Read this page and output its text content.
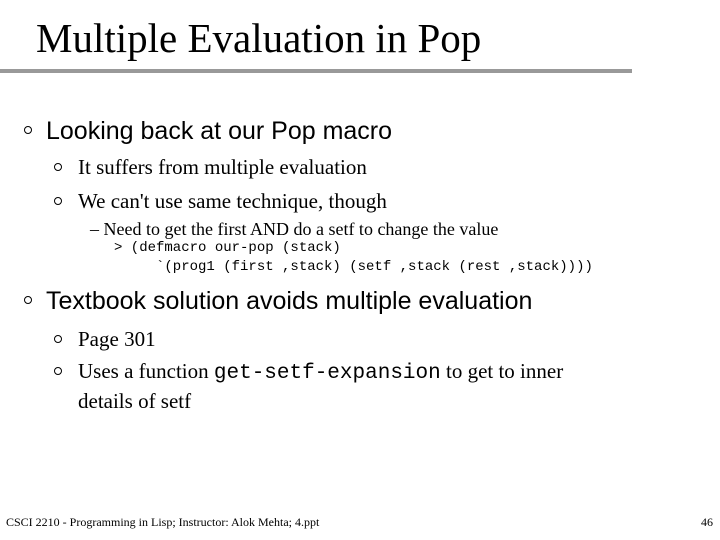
Multiple Evaluation in Pop
Looking back at our Pop macro
It suffers from multiple evaluation
We can't use same technique, though
– Need to get the first AND do a setf to change the value
> (defmacro our-pop (stack)
`(prog1 (first ,stack) (setf ,stack (rest ,stack))))
Textbook solution avoids multiple evaluation
Page 301
Uses a function get-setf-expansion to get to inner
details of setf
CSCI 2210 - Programming in Lisp; Instructor: Alok Mehta; 4.ppt	46
